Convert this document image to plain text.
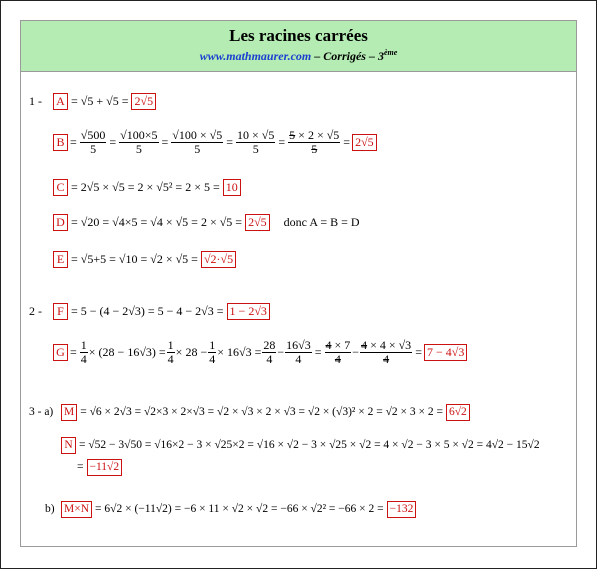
Les racines carrées
www.mathmaurer.com – Corrigés – 3ème
1 -	A = √5 + √5 = 2√5
$B = \frac{√500}{5} = \frac{√100\times 5}{5} = \frac{√100 \times √5}{5} = \frac{10 \times √5}{5} = \frac{5 \times 2 \times √5}{5} = 2√5$
C = 2√5 × √5 = 2 × √5² = 2 × 5 = 10
D = √20 = √4×5 = √4 × √5 = 2 × √5 = 2√5 donc A = B = D
E = √5+5 = √10 = √2 × √5 = √2·√5
2 -	F = 5 − (4 − 2√3) = 5 − 4 − 2√3 = 1 − 2√3
$G = \frac{1}{4} \times (28 - 16√3) = \frac{1}{4} \times 28 - \frac{1}{4} \times 16√3 = \frac{28}{4} - \frac{16√3}{4} = \frac{4 \times 7}{4} - \frac{4 \times 4 \times √3}{4} = 7 - 4√3$
3 - a) M = √6 × 2√3 = √2×3 × 2×√3 = √2 × √3 × 2 × √3 = √2 × (√3)² × 2 = √2 × 3 × 2 = 6√2
N = √52 − 3√50 = √16×2 − 3 × √25×2 = √16 × √2 − 3 × √25 × √2 = 4 × √2 − 3 × 5 × √2 = 4√2 − 15√2
= −11√2
b) M×N = 6√2 × (−11√2) = −6 × 11 × √2 × √2 = −66 × √2² = −66 × 2 = −132
